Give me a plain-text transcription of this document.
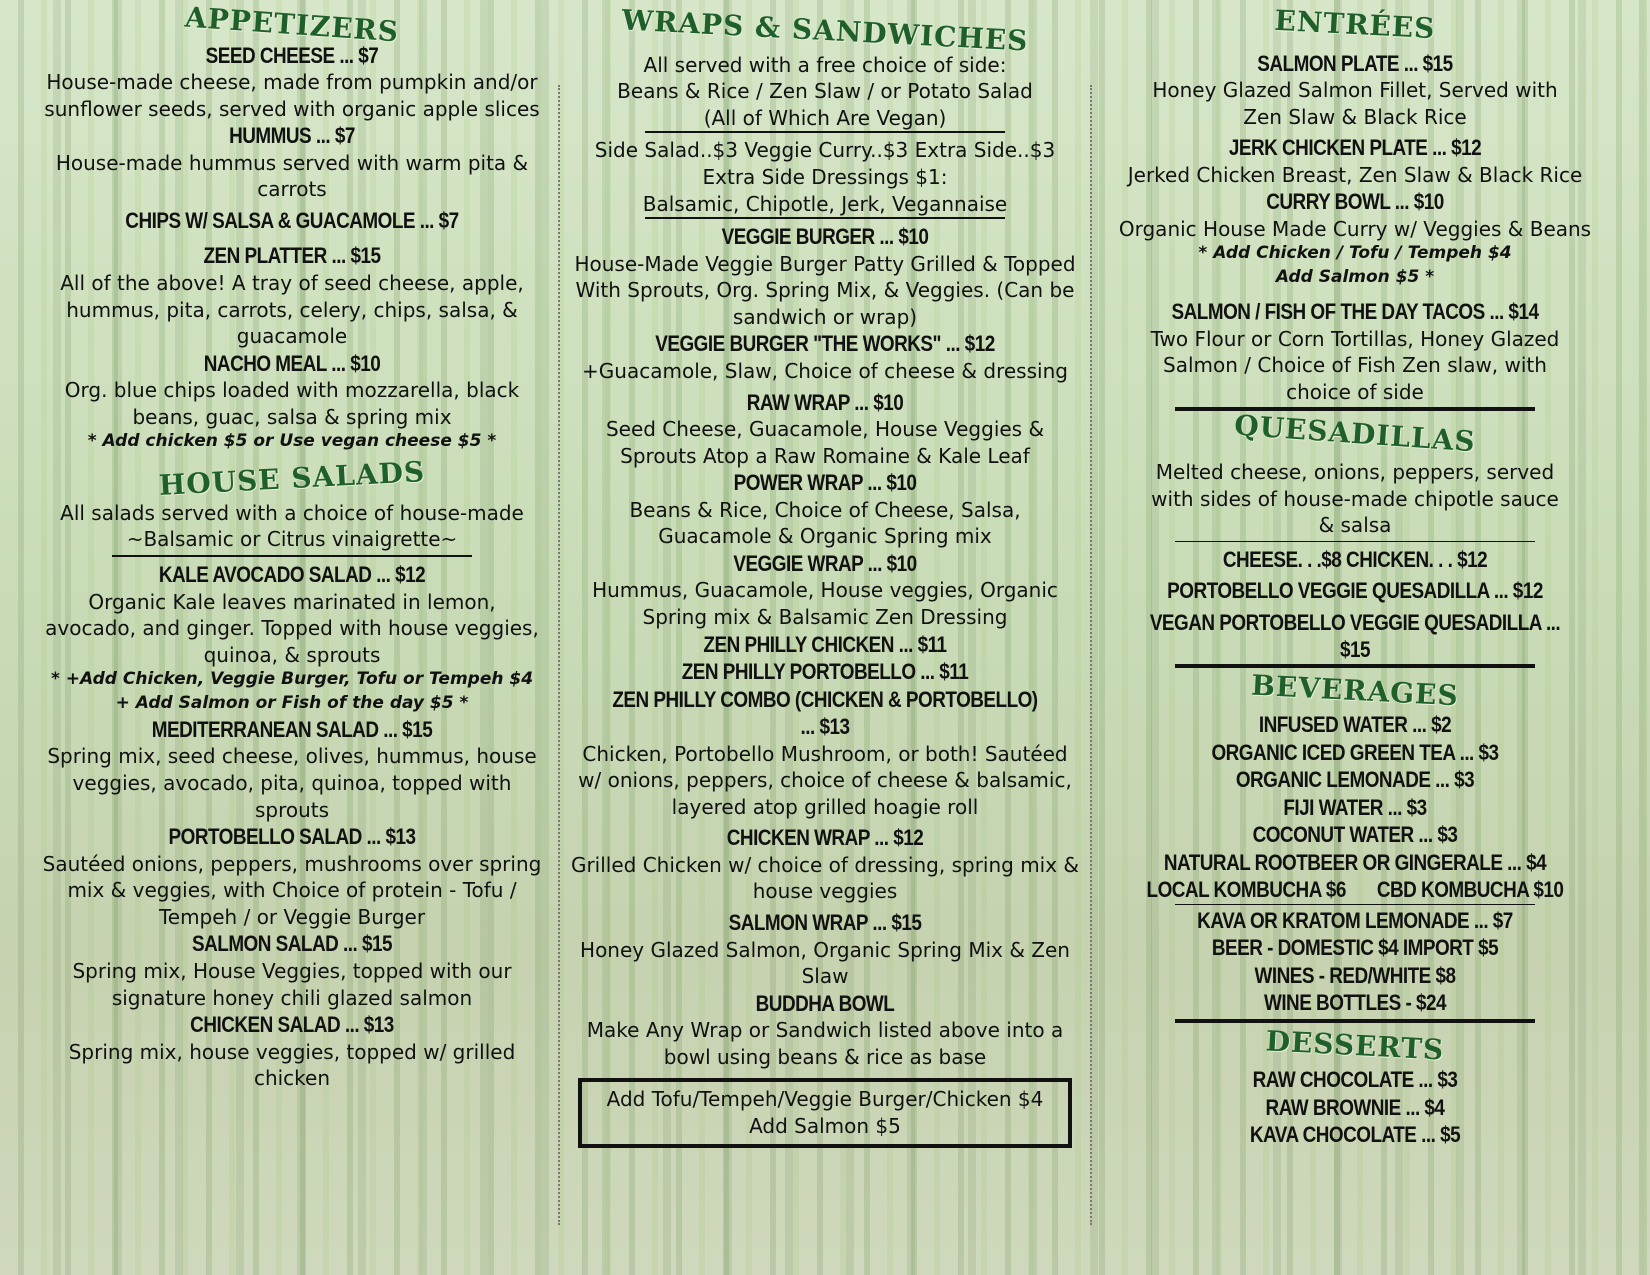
APPETIZERS

SEED CHEESE ... $7

House-made cheese, made from pumpkin and/or sunflower seeds, served with organic apple slices

HUMMUS ... $7

House-made hummus served with warm pita & carrots

CHIPS W/ SALSA & GUACAMOLE ... $7

ZEN PLATTER ... $15

All of the above! A tray of seed cheese, apple, hummus, pita, carrots, celery, chips, salsa, & guacamole

NACHO MEAL ... $10

Org. blue chips loaded with mozzarella, black beans, guac, salsa & spring mix

* Add chicken $5 or Use vegan cheese $5 *

HOUSE SALADS

All salads served with a choice of house-made

~Balsamic or Citrus vinaigrette~

KALE AVOCADO SALAD ... $12

Organic Kale leaves marinated in lemon, avocado, and ginger. Topped with house veggies, quinoa, & sprouts

* +Add Chicken, Veggie Burger, Tofu or Tempeh $4

+ Add Salmon or Fish of the day $5 *

MEDITERRANEAN SALAD ... $15

Spring mix, seed cheese, olives, hummus, house veggies, avocado, pita, quinoa, topped with sprouts

PORTOBELLO SALAD ... $13

Sautéed onions, peppers, mushrooms over spring mix & veggies, with Choice of protein - Tofu / Tempeh / or Veggie Burger

SALMON SALAD ... $15

Spring mix, House Veggies, topped with our signature honey chili glazed salmon

CHICKEN SALAD ... $13

Spring mix, house veggies, topped w/ grilled chicken

WRAPS & SANDWICHES

All served with a free choice of side:

Beans & Rice / Zen Slaw / or Potato Salad

(All of Which Are Vegan)

Side Salad..$3 Veggie Curry..$3 Extra Side..$3

Extra Side Dressings $1:

Balsamic, Chipotle, Jerk, Vegannaise

VEGGIE BURGER ... $10

House-Made Veggie Burger Patty Grilled & Topped With Sprouts, Org. Spring Mix, & Veggies. (Can be sandwich or wrap)

VEGGIE BURGER "THE WORKS" ... $12

+Guacamole, Slaw, Choice of cheese & dressing

RAW WRAP ... $10

Seed Cheese, Guacamole, House Veggies & Sprouts Atop a Raw Romaine & Kale Leaf

POWER WRAP ... $10

Beans & Rice, Choice of Cheese, Salsa, Guacamole & Organic Spring mix

VEGGIE WRAP ... $10

Hummus, Guacamole, House veggies, Organic Spring mix & Balsamic Zen Dressing

ZEN PHILLY CHICKEN ... $11

ZEN PHILLY PORTOBELLO ... $11

ZEN PHILLY COMBO (CHICKEN & PORTOBELLO) ... $13

Chicken, Portobello Mushroom, or both! Sautéed w/ onions, peppers, choice of cheese & balsamic, layered atop grilled hoagie roll

CHICKEN WRAP ... $12

Grilled Chicken w/ choice of dressing, spring mix & house veggies

SALMON WRAP ... $15

Honey Glazed Salmon, Organic Spring Mix & Zen Slaw

BUDDHA BOWL

Make Any Wrap or Sandwich listed above into a bowl using beans & rice as base

Add Tofu/Tempeh/Veggie Burger/Chicken $4

Add Salmon $5

ENTRÉES

SALMON PLATE ... $15

Honey Glazed Salmon Fillet, Served with Zen Slaw & Black Rice

JERK CHICKEN PLATE ... $12

Jerked Chicken Breast, Zen Slaw & Black Rice

CURRY BOWL ... $10

Organic House Made Curry w/ Veggies & Beans

* Add Chicken / Tofu / Tempeh $4

Add Salmon $5 *

SALMON / FISH OF THE DAY TACOS ... $14

Two Flour or Corn Tortillas, Honey Glazed Salmon / Choice of Fish Zen slaw, with choice of side

QUESADILLAS

Melted cheese, onions, peppers, served with sides of house-made chipotle sauce & salsa

CHEESE. . .$8 CHICKEN. . . $12

PORTOBELLO VEGGIE QUESADILLA ... $12

VEGAN PORTOBELLO VEGGIE QUESADILLA ... $15

BEVERAGES

INFUSED WATER ... $2

ORGANIC ICED GREEN TEA ... $3

ORGANIC LEMONADE ... $3

FIJI WATER ... $3

COCONUT WATER ... $3

NATURAL ROOTBEER OR GINGERALE ... $4

LOCAL KOMBUCHA $6 CBD KOMBUCHA $10

KAVA OR KRATOM LEMONADE ... $7

BEER - DOMESTIC $4 IMPORT $5

WINES - RED/WHITE $8

WINE BOTTLES - $24

DESSERTS

RAW CHOCOLATE ... $3

RAW BROWNIE ... $4

KAVA CHOCOLATE ... $5
